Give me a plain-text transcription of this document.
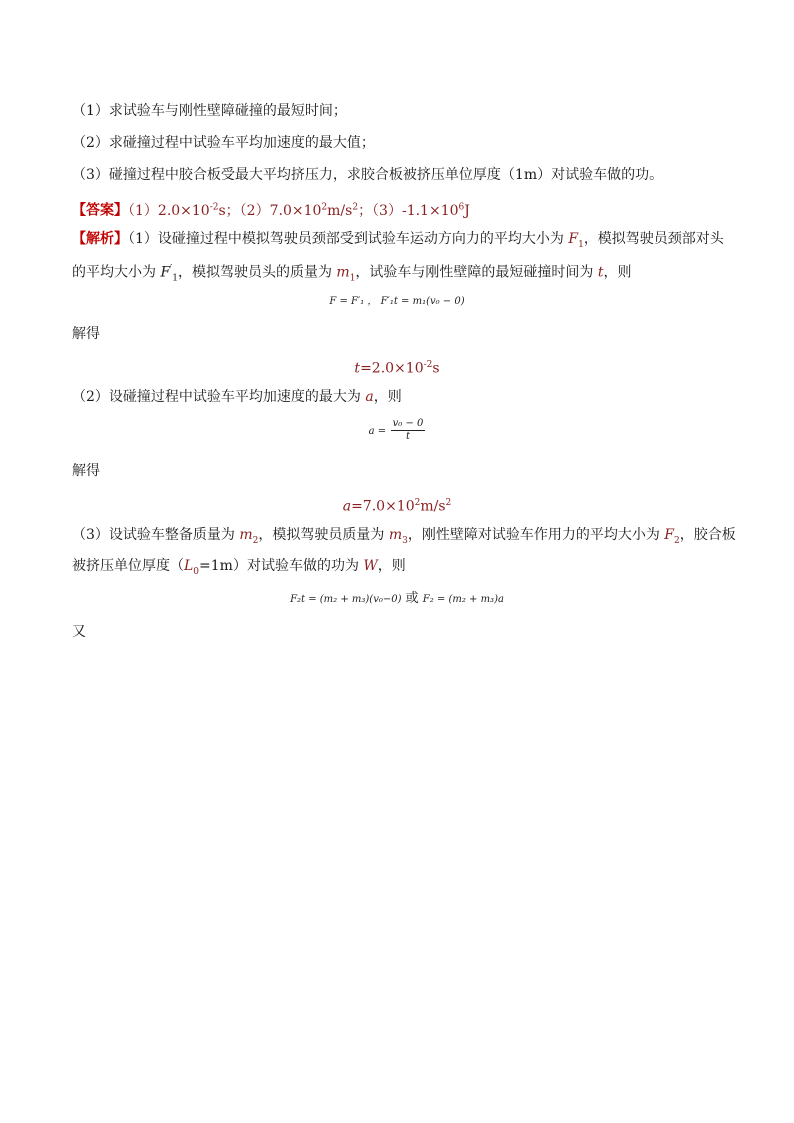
（1）求试验车与刚性壁障碰撞的最短时间；
（2）求碰撞过程中试验车平均加速度的最大值；
（3）碰撞过程中胶合板受最大平均挤压力，求胶合板被挤压单位厚度（1m）对试验车做的功。
【答案】$(1)2.0\times 10^{-2}s$；$(2)7.0\times 10^2m/s^2$；$(3)-1.1\times 10^6J$
【解析】（1）设碰撞过程中模拟驾驶员颈部受到试验车运动方向力的平均大小为 $F_1$，模拟驾驶员颈部对头
的平均大小为 $F'_1$，模拟驾驶员头的质量为 $m_1$，试验车与刚性壁障的最短碰撞时间为 t，则
F = F′₁ ， F′₁t = m₁(v₀ − 0)
解得
$t=2.0\times 10^{-2}s$
（2）设碰撞过程中试验车平均加速度的最大为 a，则
$a = \frac{\text{v₀ − 0}}{t}$
解得
$a=7.0\times 10^2m/s^2$
（3）设试验车整备质量为 $m_2$，模拟驾驶员质量为 $m_3$，刚性壁障对试验车作用力的平均大小为 $F_2$，胶合板
被挤压单位厚度$(L_0=1m)$对试验车做的功为 W，则
F₂t = (m₂ + m₃)(v₀−0) 或 F₂ = (m₂ + m₃)a
又
